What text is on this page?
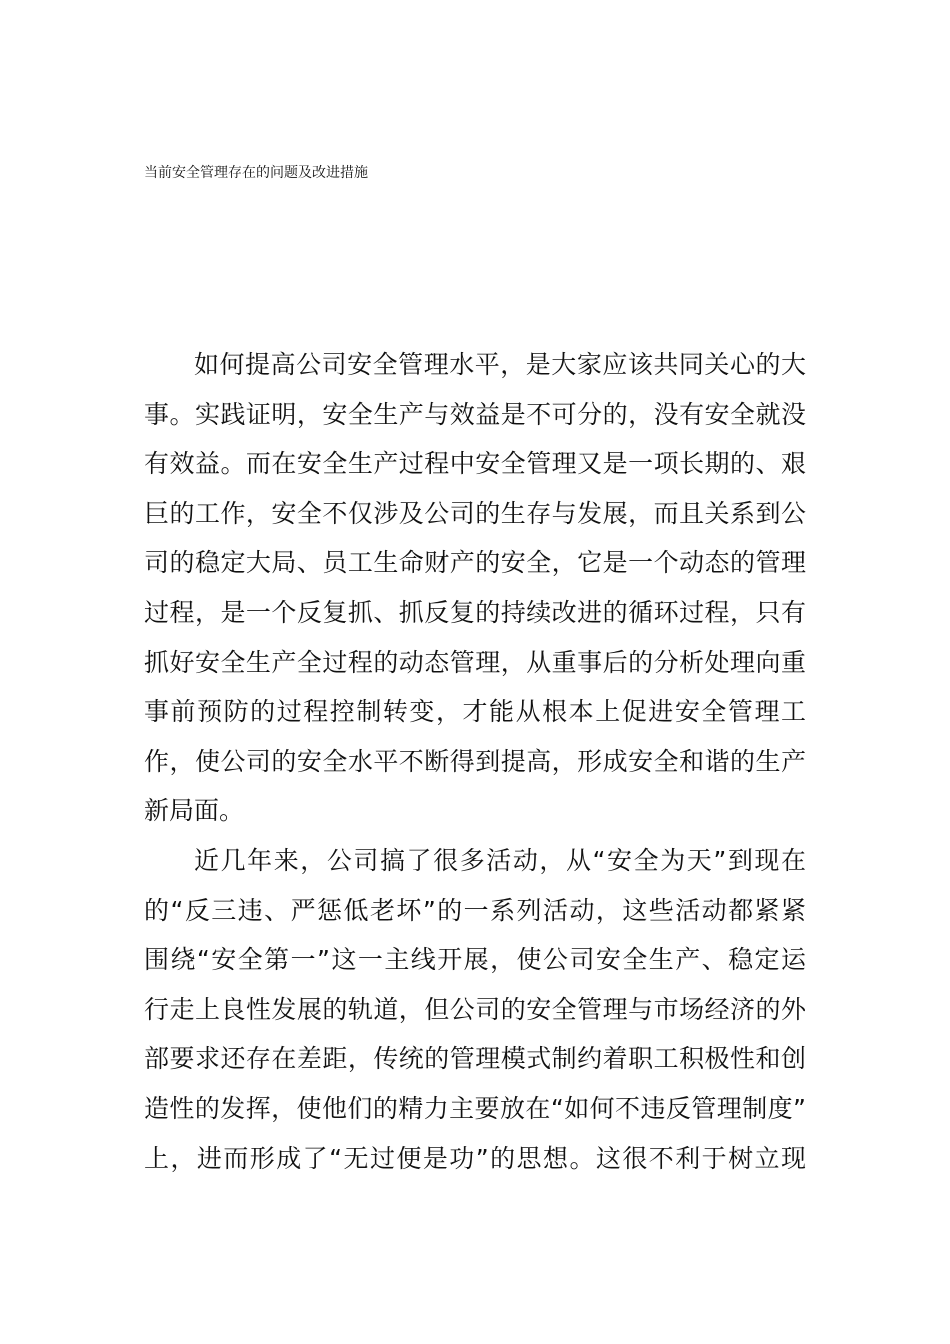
当前安全管理存在的问题及改进措施
如何提高公司安全管理水平，是大家应该共同关心的大
事。实践证明，安全生产与效益是不可分的，没有安全就没
有效益。而在安全生产过程中安全管理又是一项长期的、艰
巨的工作，安全不仅涉及公司的生存与发展，而且关系到公
司的稳定大局、员工生命财产的安全，它是一个动态的管理
过程，是一个反复抓、抓反复的持续改进的循环过程，只有
抓好安全生产全过程的动态管理，从重事后的分析处理向重
事前预防的过程控制转变，才能从根本上促进安全管理工
作，使公司的安全水平不断得到提高，形成安全和谐的生产
新局面。
近几年来，公司搞了很多活动，从“安全为天”到现在
的“反三违、严惩低老坏”的一系列活动，这些活动都紧紧
围绕“安全第一”这一主线开展，使公司安全生产、稳定运
行走上良性发展的轨道，但公司的安全管理与市场经济的外
部要求还存在差距，传统的管理模式制约着职工积极性和创
造性的发挥，使他们的精力主要放在“如何不违反管理制度”
上，进而形成了“无过便是功”的思想。这很不利于树立现
